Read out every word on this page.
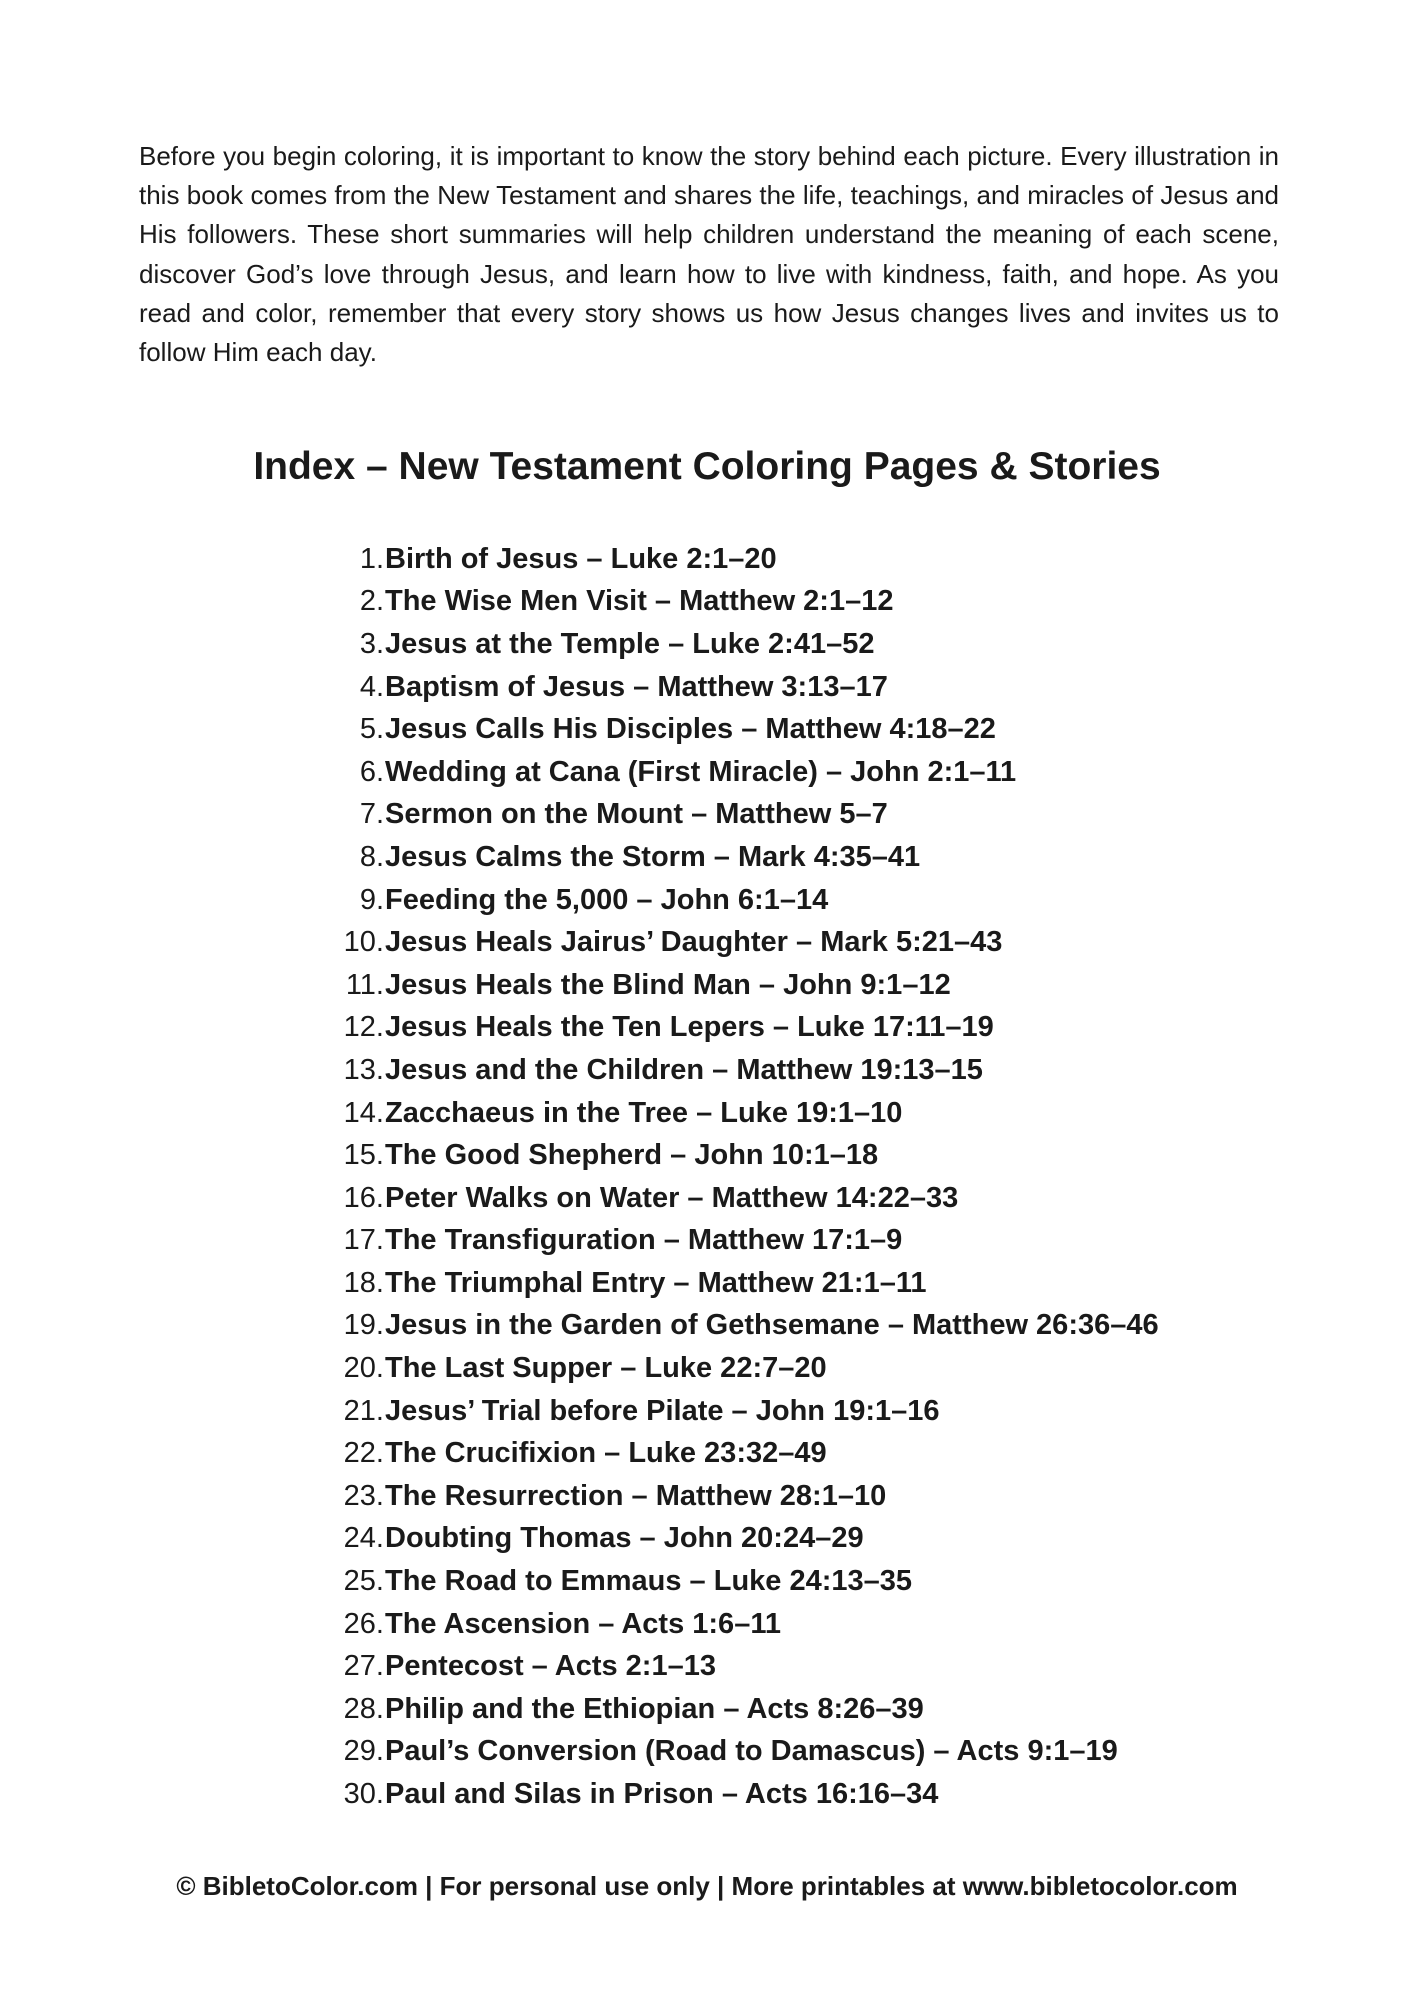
Before you begin coloring, it is important to know the story behind each picture. Every illustration in this book comes from the New Testament and shares the life, teachings, and miracles of Jesus and His followers. These short summaries will help children understand the meaning of each scene, discover God’s love through Jesus, and learn how to live with kindness, faith, and hope. As you read and color, remember that every story shows us how Jesus changes lives and invites us to follow Him each day.

Index – New Testament Coloring Pages & Stories
1. Birth of Jesus – Luke 2:1–20
2. The Wise Men Visit – Matthew 2:1–12
3. Jesus at the Temple – Luke 2:41–52
4. Baptism of Jesus – Matthew 3:13–17
5. Jesus Calls His Disciples – Matthew 4:18–22
6. Wedding at Cana (First Miracle) – John 2:1–11
7. Sermon on the Mount – Matthew 5–7
8. Jesus Calms the Storm – Mark 4:35–41
9. Feeding the 5,000 – John 6:1–14
10. Jesus Heals Jairus’ Daughter – Mark 5:21–43
11. Jesus Heals the Blind Man – John 9:1–12
12. Jesus Heals the Ten Lepers – Luke 17:11–19
13. Jesus and the Children – Matthew 19:13–15
14. Zacchaeus in the Tree – Luke 19:1–10
15. The Good Shepherd – John 10:1–18
16. Peter Walks on Water – Matthew 14:22–33
17. The Transfiguration – Matthew 17:1–9
18. The Triumphal Entry – Matthew 21:1–11
19. Jesus in the Garden of Gethsemane – Matthew 26:36–46
20. The Last Supper – Luke 22:7–20
21. Jesus’ Trial before Pilate – John 19:1–16
22. The Crucifixion – Luke 23:32–49
23. The Resurrection – Matthew 28:1–10
24. Doubting Thomas – John 20:24–29
25. The Road to Emmaus – Luke 24:13–35
26. The Ascension – Acts 1:6–11
27. Pentecost – Acts 2:1–13
28. Philip and the Ethiopian – Acts 8:26–39
29. Paul’s Conversion (Road to Damascus) – Acts 9:1–19
30. Paul and Silas in Prison – Acts 16:16–34

© BibletoColor.com | For personal use only | More printables at www.bibletocolor.com
